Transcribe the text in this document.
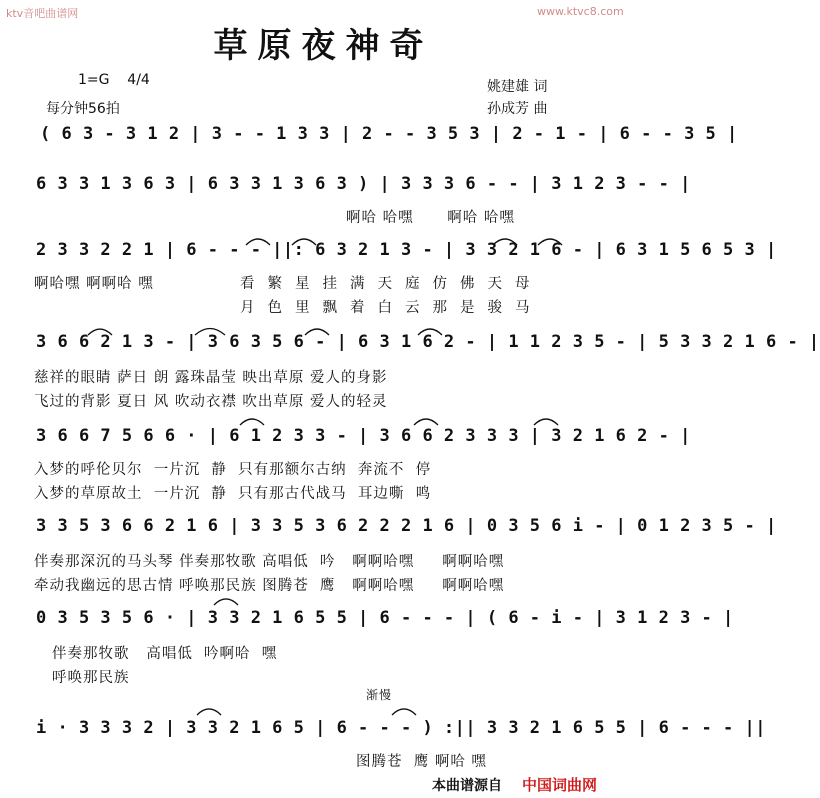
ktv音吧曲谱网	www.ktvc8.com
草原夜神奇
1=G    4/4
每分钟56拍
姚建雄 词
孙成芳 曲
( 6 3 - 3 1 2 | 3 - - 1 3 3 | 2 - - 3 5 3 | 2 - 1 - | 6 - - 3 5 |
6 3 3 1 3 6 3 | 6 3 3 1 3 6 3 ) | 3 3 3 6 - - | 3 1 2 3 - - |
啊哈 哈嘿      啊哈 哈嘿
2 3 3 2 2 1 | 6 - - - ||: 6 3 2 1 3 - | 3 3 2 1 6 - | 6 3 1 5 6 5 3 |
啊哈嘿 啊啊哈 嘿	看繁星挂满天庭仿佛天母
月色里飘着白云那是骏马
3 6 6 2 1 3 - | 3 6 3 5 6 - | 6 3 1 6 2 - | 1 1 2 3 5 - | 5 3 3 2 1 6 - |
慈祥的眼睛 萨日 朗 露珠晶莹 映出草原 爱人的身影
飞过的背影 夏日 风 吹动衣襟 吹出草原 爱人的轻灵
3 6 6 7 5 6 6 · | 6 1 2 3 3 - | 3 6 6 2 3 3 3 | 3 2 1 6 2 - |
入梦的呼伦贝尔  一片沉  静  只有那额尔古纳  奔流不  停
入梦的草原故土  一片沉  静  只有那古代战马  耳边嘶  鸣
3 3 5 3 6 6 2 1 6 | 3 3 5 3 6 2 2 2 1 6 | 0 3 5 6 i - | 0 1 2 3 5 - |
伴奏那深沉的马头琴 伴奏那牧歌 高唱低  吟   啊啊哈嘿     啊啊哈嘿
牵动我幽远的思古情 呼唤那民族 图腾苍  鹰   啊啊哈嘿     啊啊哈嘿
0 3 5 3 5 6 · | 3 3 2 1 6 5 5 | 6 - - - | ( 6 - i - | 3 1 2 3 - |
伴奏那牧歌   高唱低  吟啊哈  嘿
呼唤那民族
渐慢
i · 3 3 3 2 | 3 3 2 1 6 5 | 6 - - - ) :|| 3 3 2 1 6 5 5 | 6 - - - ||
图腾苍  鹰 啊哈 嘿
本曲谱源自 中国词曲网
